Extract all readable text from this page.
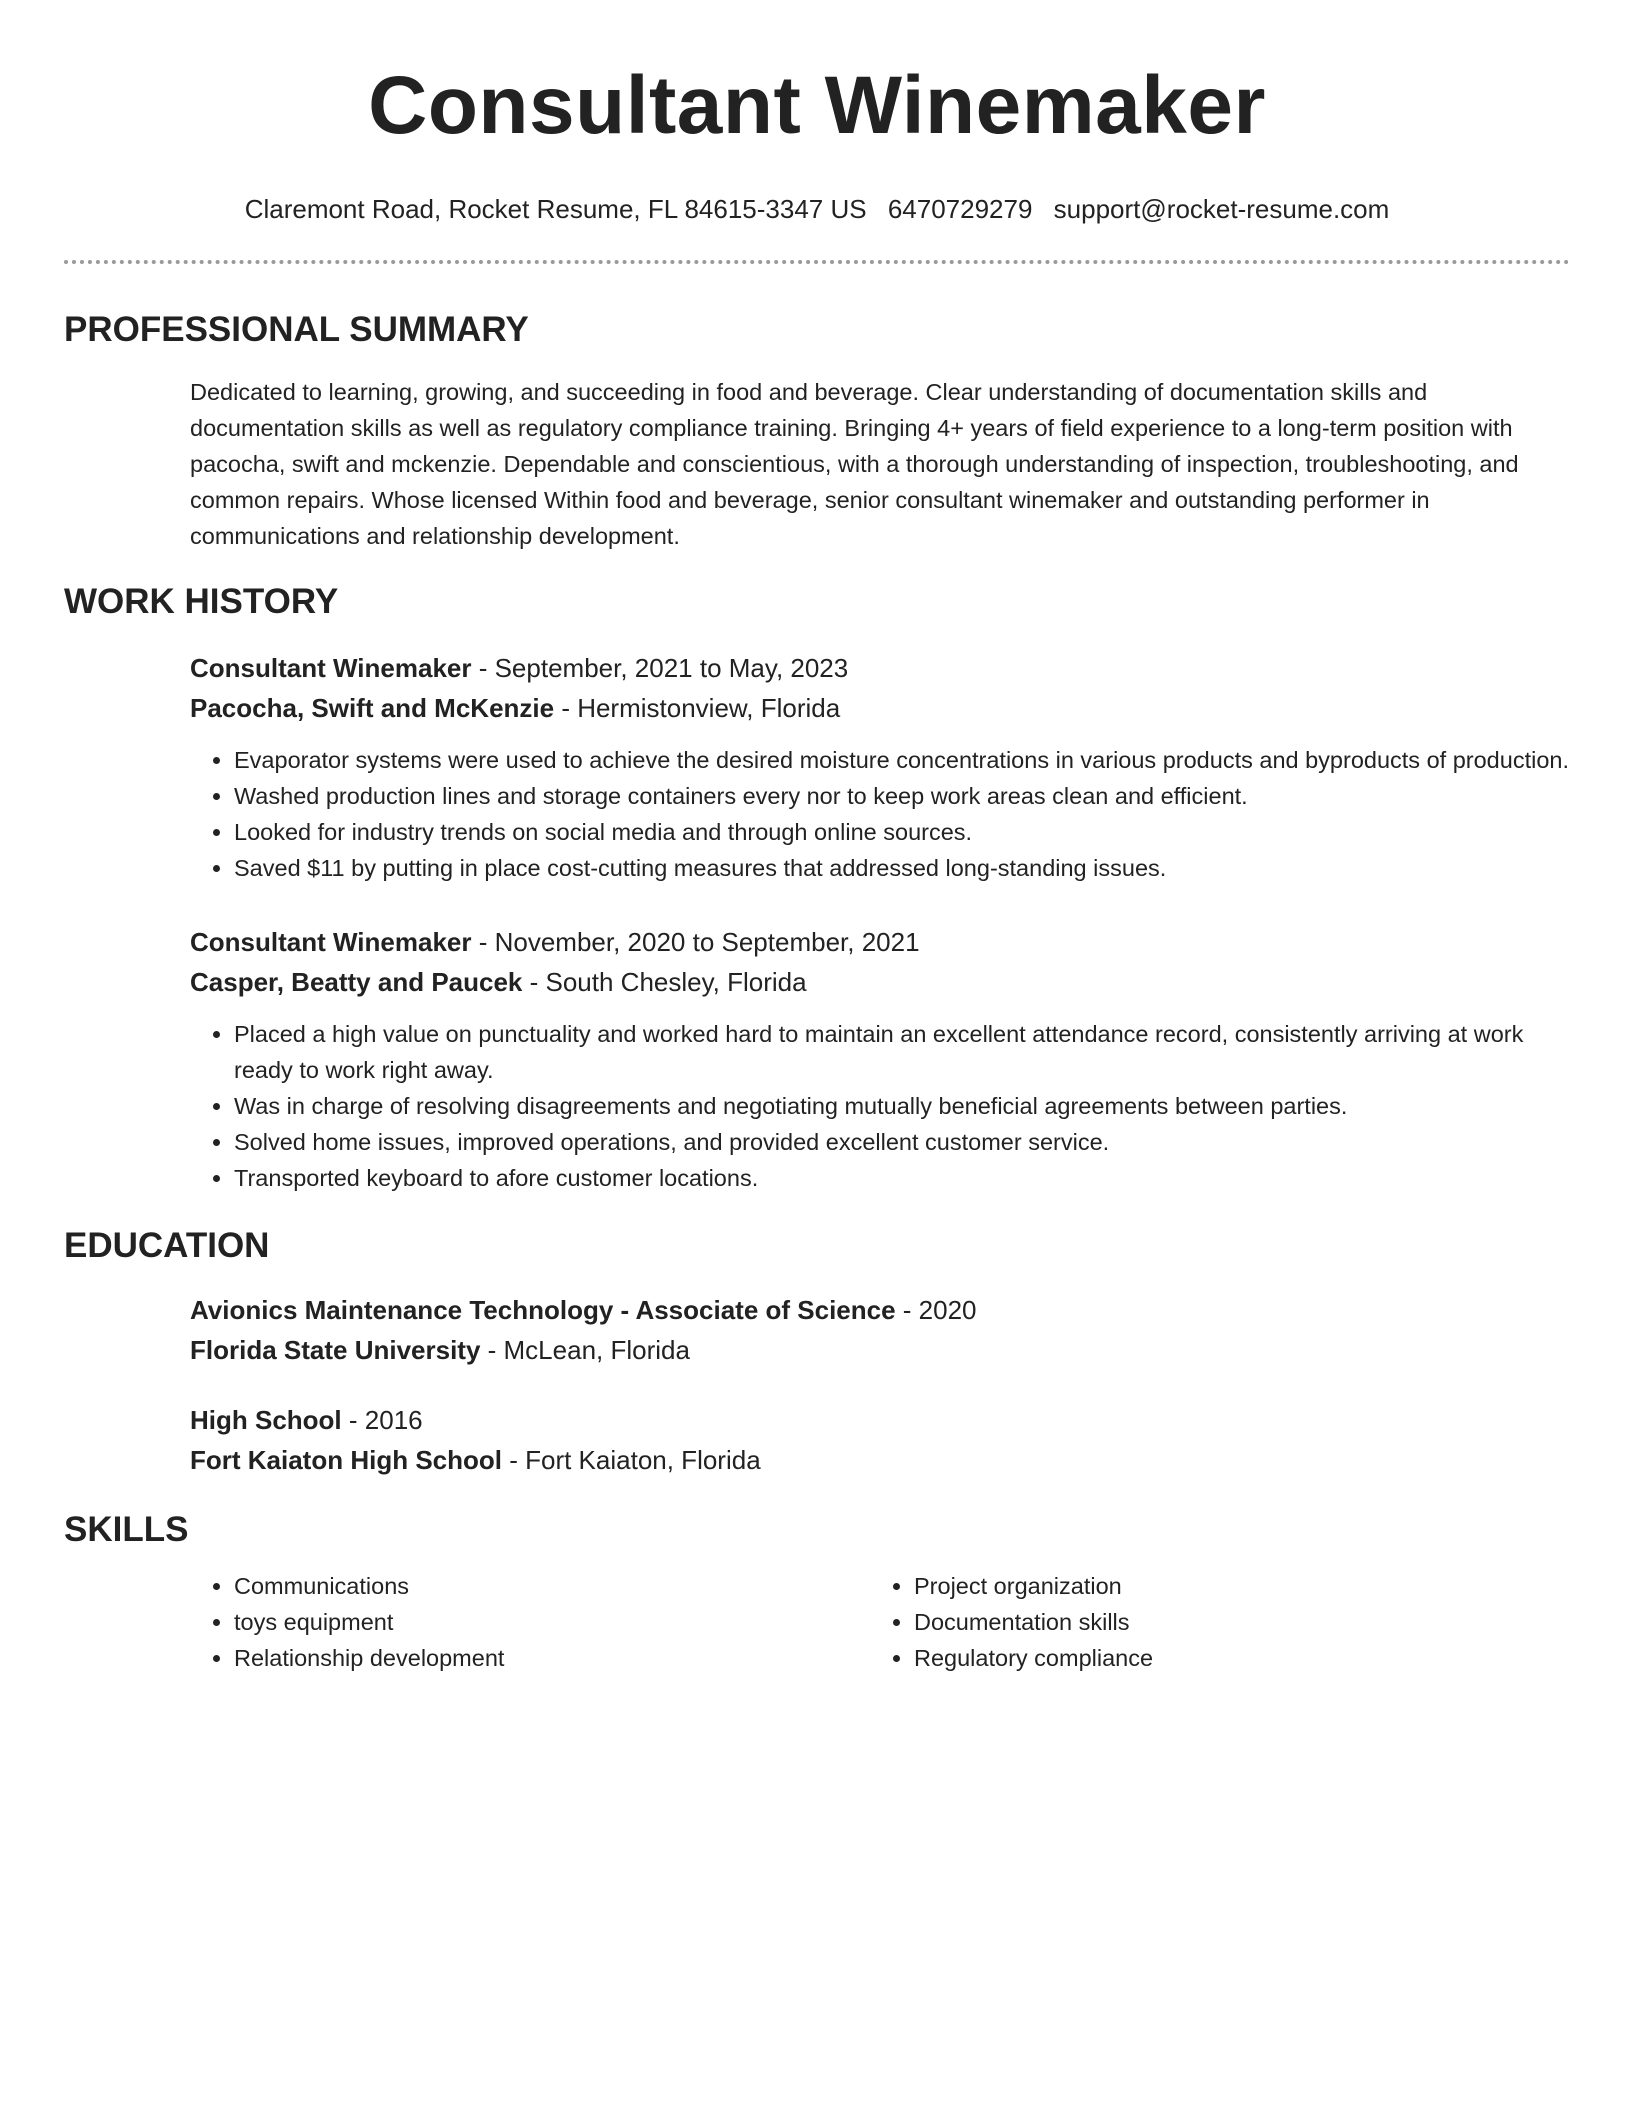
Consultant Winemaker
Claremont Road, Rocket Resume, FL 84615-3347 US 6470729279 support@rocket-resume.com
PROFESSIONAL SUMMARY
Dedicated to learning, growing, and succeeding in food and beverage. Clear understanding of documentation skills and documentation skills as well as regulatory compliance training. Bringing 4+ years of field experience to a long-term position with pacocha, swift and mckenzie. Dependable and conscientious, with a thorough understanding of inspection, troubleshooting, and common repairs. Whose licensed Within food and beverage, senior consultant winemaker and outstanding performer in communications and relationship development.
WORK HISTORY
Consultant Winemaker - September, 2021 to May, 2023
Pacocha, Swift and McKenzie - Hermistonview, Florida
• Evaporator systems were used to achieve the desired moisture concentrations in various products and byproducts of production.
• Washed production lines and storage containers every nor to keep work areas clean and efficient.
• Looked for industry trends on social media and through online sources.
• Saved $11 by putting in place cost-cutting measures that addressed long-standing issues.
Consultant Winemaker - November, 2020 to September, 2021
Casper, Beatty and Paucek - South Chesley, Florida
• Placed a high value on punctuality and worked hard to maintain an excellent attendance record, consistently arriving at work ready to work right away.
• Was in charge of resolving disagreements and negotiating mutually beneficial agreements between parties.
• Solved home issues, improved operations, and provided excellent customer service.
• Transported keyboard to afore customer locations.
EDUCATION
Avionics Maintenance Technology - Associate of Science - 2020
Florida State University - McLean, Florida
High School - 2016
Fort Kaiaton High School - Fort Kaiaton, Florida
SKILLS
• Communications
• toys equipment
• Relationship development
• Project organization
• Documentation skills
• Regulatory compliance
